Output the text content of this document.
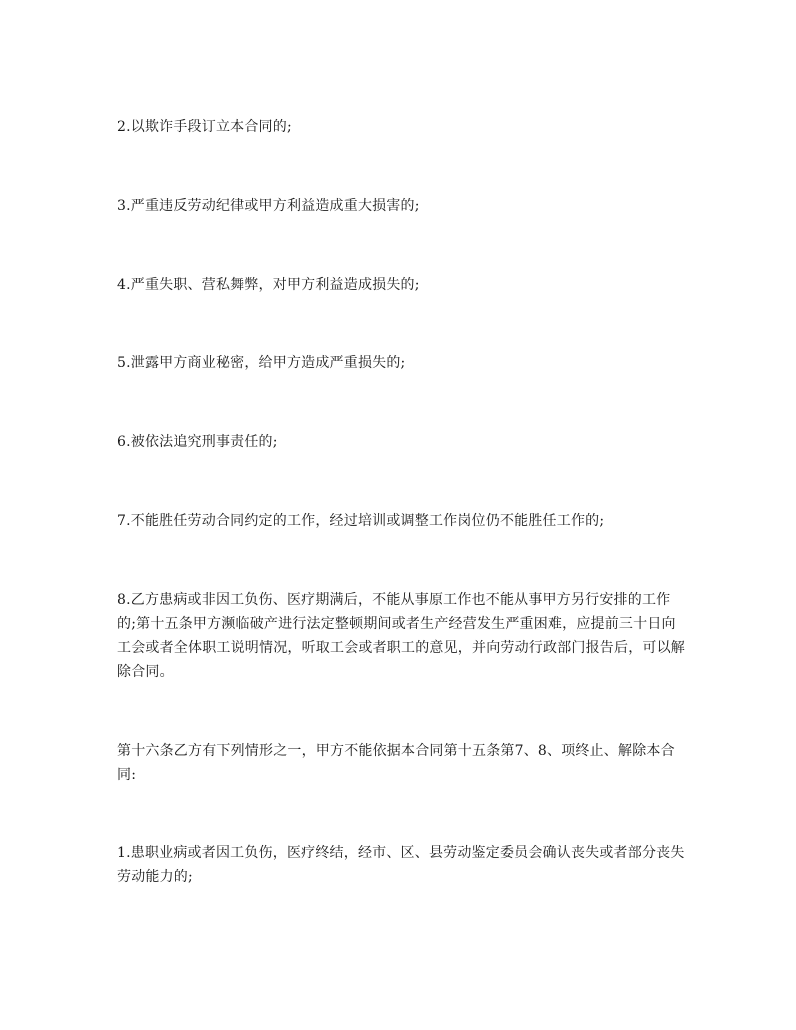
2.以欺诈手段订立本合同的;

3.严重违反劳动纪律或甲方利益造成重大损害的;

4.严重失职、营私舞弊，对甲方利益造成损失的;

5.泄露甲方商业秘密，给甲方造成严重损失的;

6.被依法追究刑事责任的;

7.不能胜任劳动合同约定的工作，经过培训或调整工作岗位仍不能胜任工作的;

8.乙方患病或非因工负伤、医疗期满后，不能从事原工作也不能从事甲方另行安排的工作的;第十五条甲方濒临破产进行法定整顿期间或者生产经营发生严重困难，应提前三十日向工会或者全体职工说明情况，听取工会或者职工的意见，并向劳动行政部门报告后，可以解除合同。

第十六条乙方有下列情形之一，甲方不能依据本合同第十五条第7、8、项终止、解除本合同:

1.患职业病或者因工负伤，医疗终结，经市、区、县劳动鉴定委员会确认丧失或者部分丧失劳动能力的;
